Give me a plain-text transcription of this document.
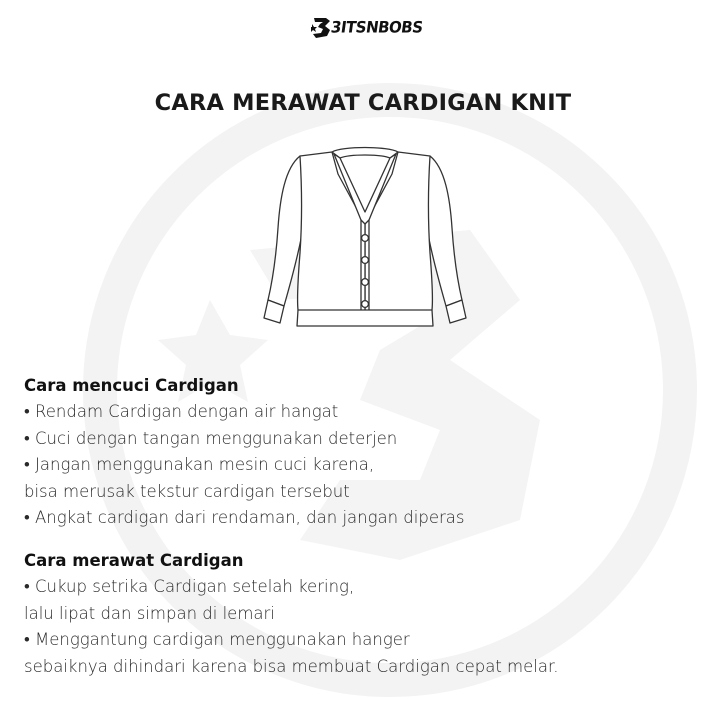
3ITSNBOBS
CARA MERAWAT CARDIGAN KNIT
Cara mencuci Cardigan
• Rendam Cardigan dengan air hangat
• Cuci dengan tangan menggunakan deterjen
• Jangan menggunakan mesin cuci karena,
bisa merusak tekstur cardigan tersebut
• Angkat cardigan dari rendaman, dan jangan diperas
Cara merawat Cardigan
• Cukup setrika Cardigan setelah kering,
lalu lipat dan simpan di lemari
• Menggantung cardigan menggunakan hanger
sebaiknya dihindari karena bisa membuat Cardigan cepat melar.
